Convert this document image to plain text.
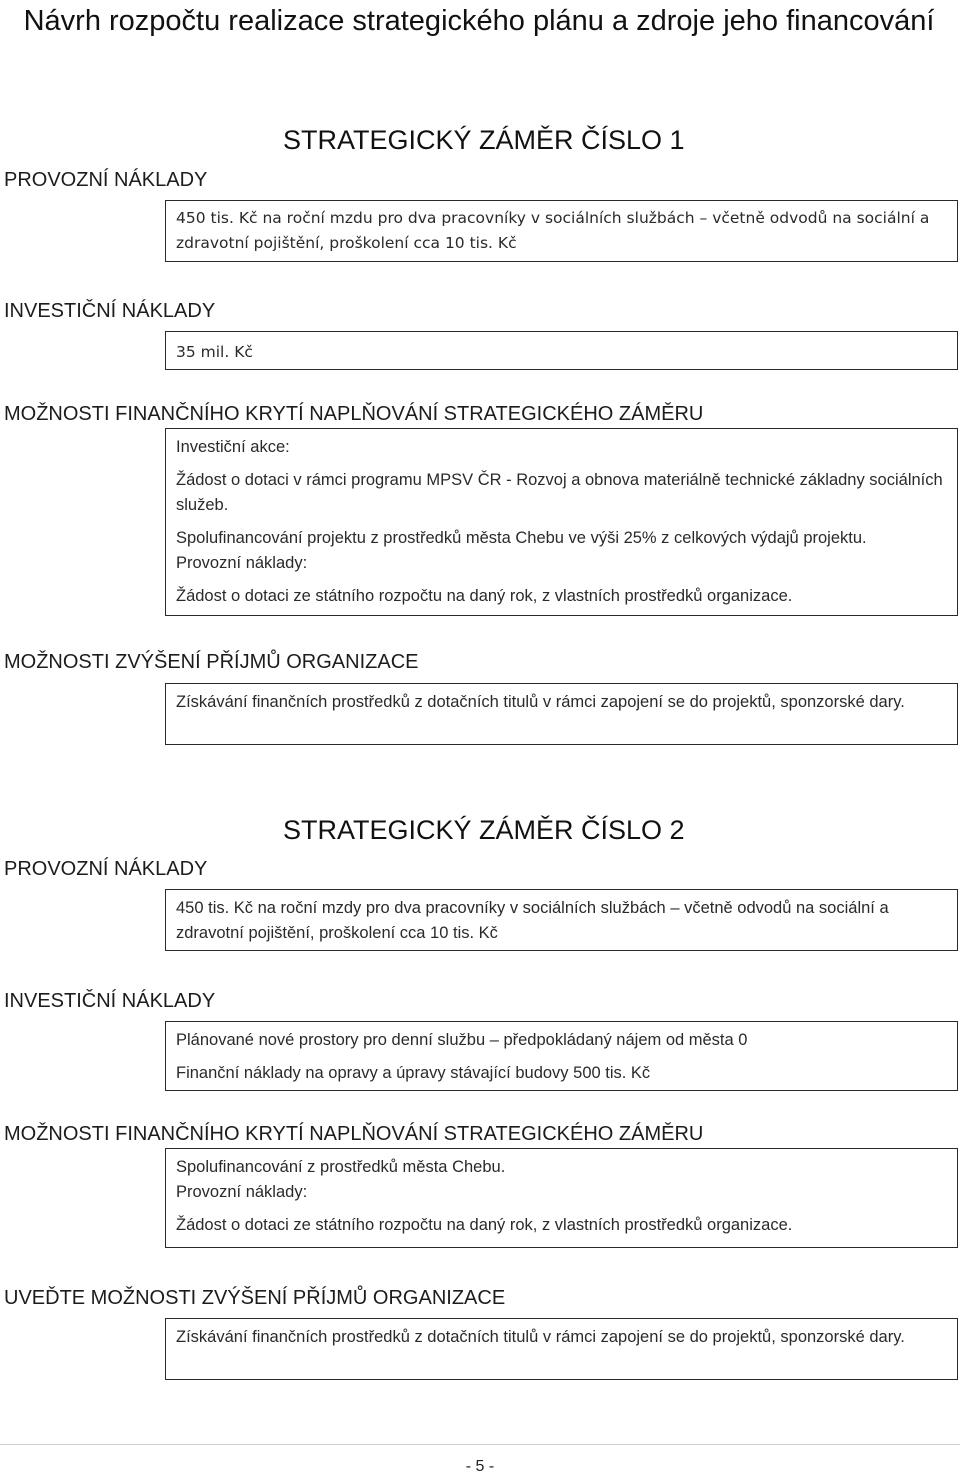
Návrh rozpočtu realizace strategického plánu a zdroje jeho financování
STRATEGICKÝ ZÁMĚR ČÍSLO 1
PROVOZNÍ NÁKLADY

450 tis. Kč na roční mzdu pro dva pracovníky v sociálních službách – včetně odvodů na sociální a zdravotní pojištění, proškolení cca 10 tis. Kč

INVESTIČNÍ NÁKLADY

35 mil. Kč

MOŽNOSTI FINANČNÍHO KRYTÍ NAPLŇOVÁNÍ STRATEGICKÉHO ZÁMĚRU

Investiční akce:

Žádost o dotaci v rámci programu MPSV ČR - Rozvoj a obnova materiálně technické základny sociálních služeb.

Spolufinancování projektu z prostředků města Chebu ve výši 25% z celkových výdajů projektu.

Provozní náklady:

Žádost o dotaci ze státního rozpočtu na daný rok, z vlastních prostředků organizace.

MOŽNOSTI ZVÝŠENÍ PŘÍJMŮ ORGANIZACE

Získávání finančních prostředků z dotačních titulů v rámci zapojení se do projektů, sponzorské dary.

STRATEGICKÝ ZÁMĚR ČÍSLO 2
PROVOZNÍ NÁKLADY

450 tis. Kč na roční mzdy pro dva pracovníky v sociálních službách – včetně odvodů na sociální a zdravotní pojištění, proškolení cca 10 tis. Kč

INVESTIČNÍ NÁKLADY

Plánované nové prostory pro denní službu – předpokládaný nájem od města 0

Finanční náklady na opravy a úpravy stávající budovy 500 tis. Kč

MOŽNOSTI FINANČNÍHO KRYTÍ NAPLŇOVÁNÍ STRATEGICKÉHO ZÁMĚRU

Spolufinancování z prostředků města Chebu.

Provozní náklady:

Žádost o dotaci ze státního rozpočtu na daný rok, z vlastních prostředků organizace.

UVEĎTE MOŽNOSTI ZVÝŠENÍ PŘÍJMŮ ORGANIZACE

Získávání finančních prostředků z dotačních titulů v rámci zapojení se do projektů, sponzorské dary.

- 5 -
